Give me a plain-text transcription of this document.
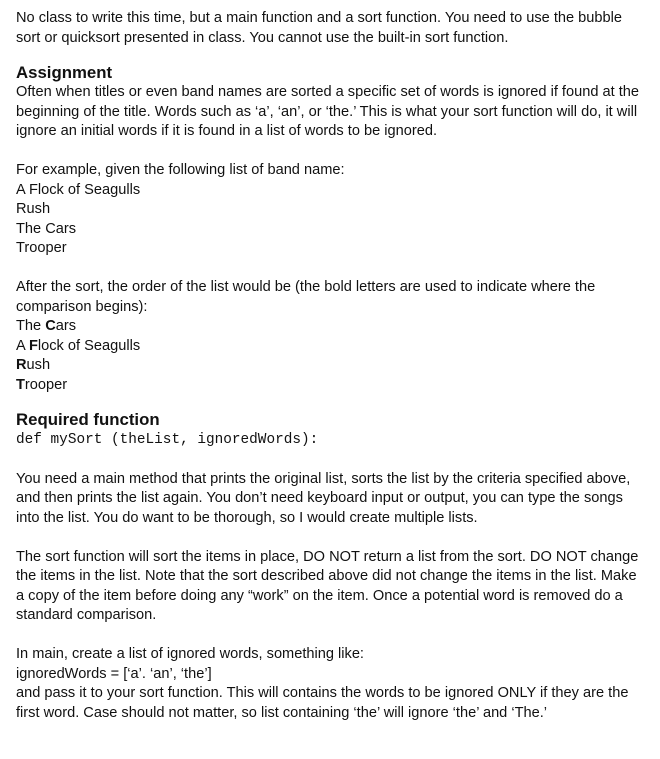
No class to write this time, but a main function and a sort function. You need to use the bubble sort or quicksort presented in class. You cannot use the built-in sort function.

Assignment

Often when titles or even band names are sorted a specific set of words is ignored if found at the beginning of the title. Words such as ‘a’, ‘an’, or ‘the.’ This is what your sort function will do, it will ignore an initial words if it is found in a list of words to be ignored.

For example, given the following list of band name:

A Flock of Seagulls
Rush
The Cars
Trooper

After the sort, the order of the list would be (the bold letters are used to indicate where the comparison begins):

The Cars
A Flock of Seagulls
Rush
Trooper
Required function
def mySort (theList, ignoredWords):

You need a main method that prints the original list, sorts the list by the criteria specified above, and then prints the list again. You don’t need keyboard input or output, you can type the songs into the list. You do want to be thorough, so I would create multiple lists.

The sort function will sort the items in place, DO NOT return a list from the sort. DO NOT change the items in the list. Note that the sort described above did not change the items in the list. Make a copy of the item before doing any “work” on the item. Once a potential word is removed do a standard comparison.

In main, create a list of ignored words, something like:
ignoredWords = [‘a’. ‘an’, ‘the’]
and pass it to your sort function. This will contains the words to be ignored ONLY if they are the first word. Case should not matter, so list containing ‘the’ will ignore ‘the’ and ‘The.’
